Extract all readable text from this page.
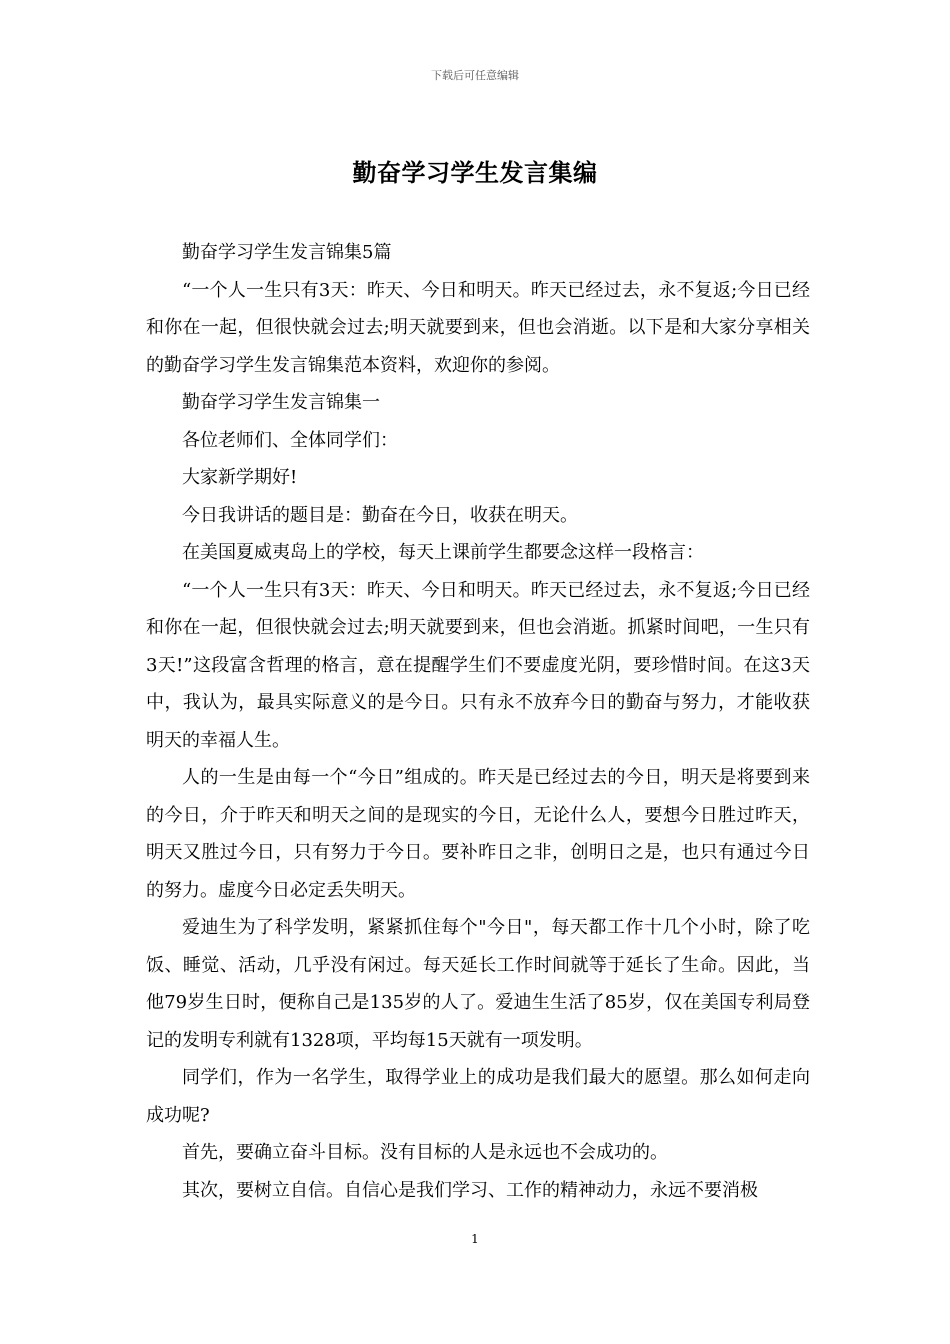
下载后可任意编辑
勤奋学习学生发言集编

勤奋学习学生发言锦集5篇

“一个人一生只有3天：昨天、今日和明天。昨天已经过去，永不复返;今日已经和你在一起，但很快就会过去;明天就要到来，但也会消逝。以下是和大家分享相关的勤奋学习学生发言锦集范本资料，欢迎你的参阅。

勤奋学习学生发言锦集一

各位老师们、全体同学们：

大家新学期好!

今日我讲话的题目是：勤奋在今日，收获在明天。

在美国夏威夷岛上的学校，每天上课前学生都要念这样一段格言：

“一个人一生只有3天：昨天、今日和明天。昨天已经过去，永不复返;今日已经和你在一起，但很快就会过去;明天就要到来，但也会消逝。抓紧时间吧，一生只有3天!”这段富含哲理的格言，意在提醒学生们不要虚度光阴，要珍惜时间。在这3天中，我认为，最具实际意义的是今日。只有永不放弃今日的勤奋与努力，才能收获明天的幸福人生。

人的一生是由每一个“今日”组成的。昨天是已经过去的今日，明天是将要到来的今日，介于昨天和明天之间的是现实的今日，无论什么人，要想今日胜过昨天，明天又胜过今日，只有努力于今日。要补昨日之非，创明日之是，也只有通过今日的努力。虚度今日必定丢失明天。

爱迪生为了科学发明，紧紧抓住每个"今日"，每天都工作十几个小时，除了吃饭、睡觉、活动，几乎没有闲过。每天延长工作时间就等于延长了生命。因此，当他79岁生日时，便称自己是135岁的人了。爱迪生生活了85岁，仅在美国专利局登记的发明专利就有1328项，平均每15天就有一项发明。

同学们，作为一名学生，取得学业上的成功是我们最大的愿望。那么如何走向成功呢?

首先，要确立奋斗目标。没有目标的人是永远也不会成功的。

其次，要树立自信。自信心是我们学习、工作的精神动力，永远不要消极

1
